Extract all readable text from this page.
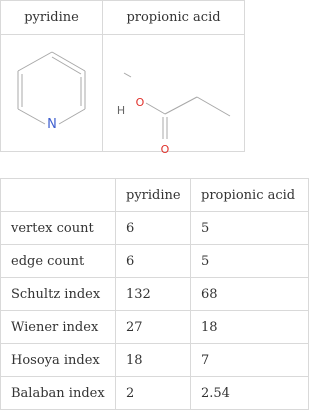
pyridine	propionic acid

N	H
O
O
	pyridine	propionic acid
vertex count	6	5
edge count	6	5
Schultz index	132	68
Wiener index	27	18
Hosoya index	18	7
Balaban index	2	2.54
